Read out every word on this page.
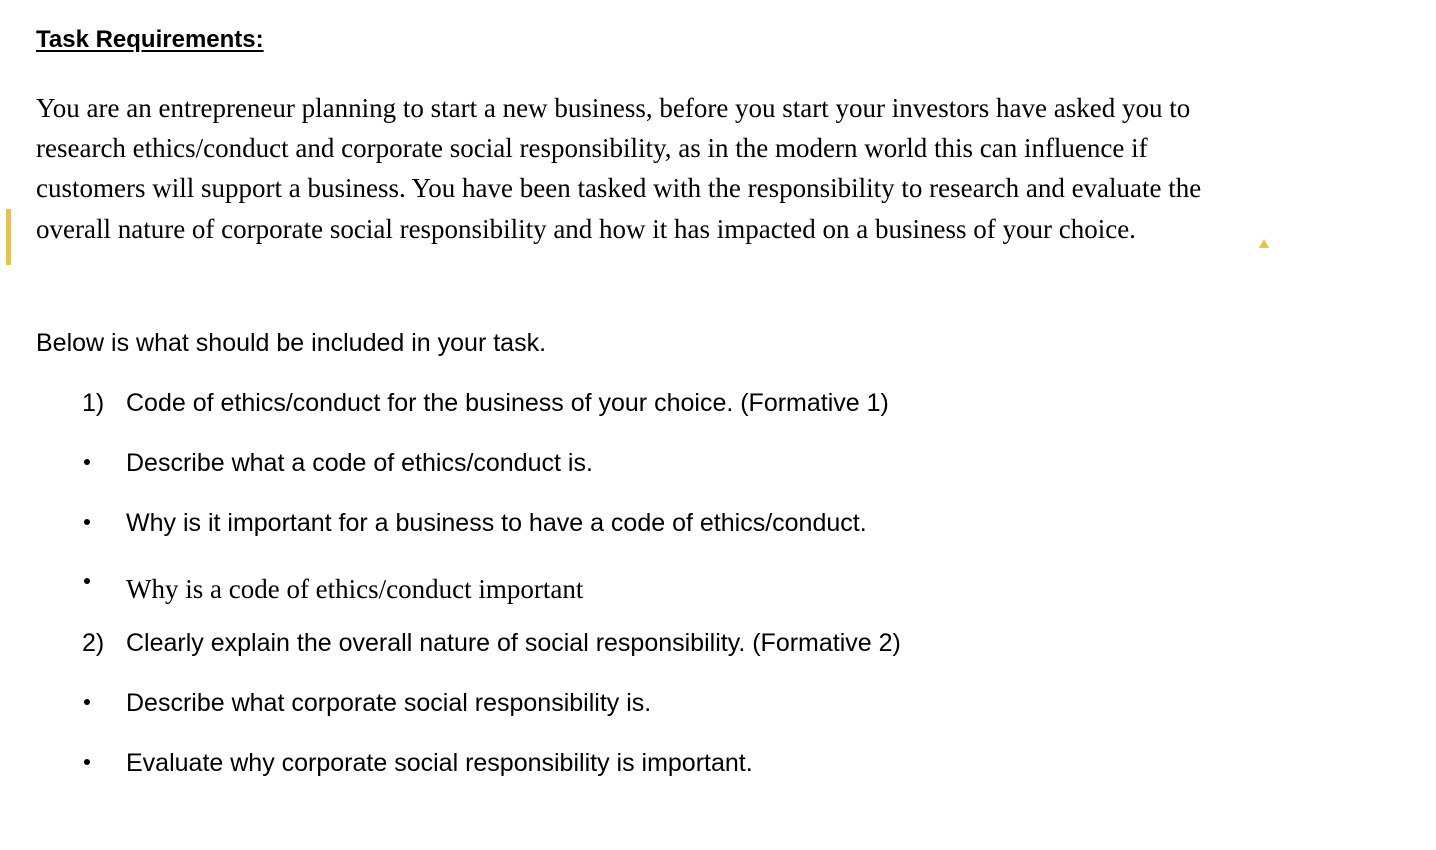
Task Requirements:
You are an entrepreneur planning to start a new business, before you start your investors have asked you to
research ethics/conduct and corporate social responsibility, as in the modern world this can influence if
customers will support a business. You have been tasked with the responsibility to research and evaluate the
overall nature of corporate social responsibility and how it has impacted on a business of your choice.
Below is what should be included in your task.
1) Code of ethics/conduct for the business of your choice. (Formative 1)
Describe what a code of ethics/conduct is.
Why is it important for a business to have a code of ethics/conduct.
Why is a code of ethics/conduct important
2) Clearly explain the overall nature of social responsibility. (Formative 2)
Describe what corporate social responsibility is.
Evaluate why corporate social responsibility is important.
